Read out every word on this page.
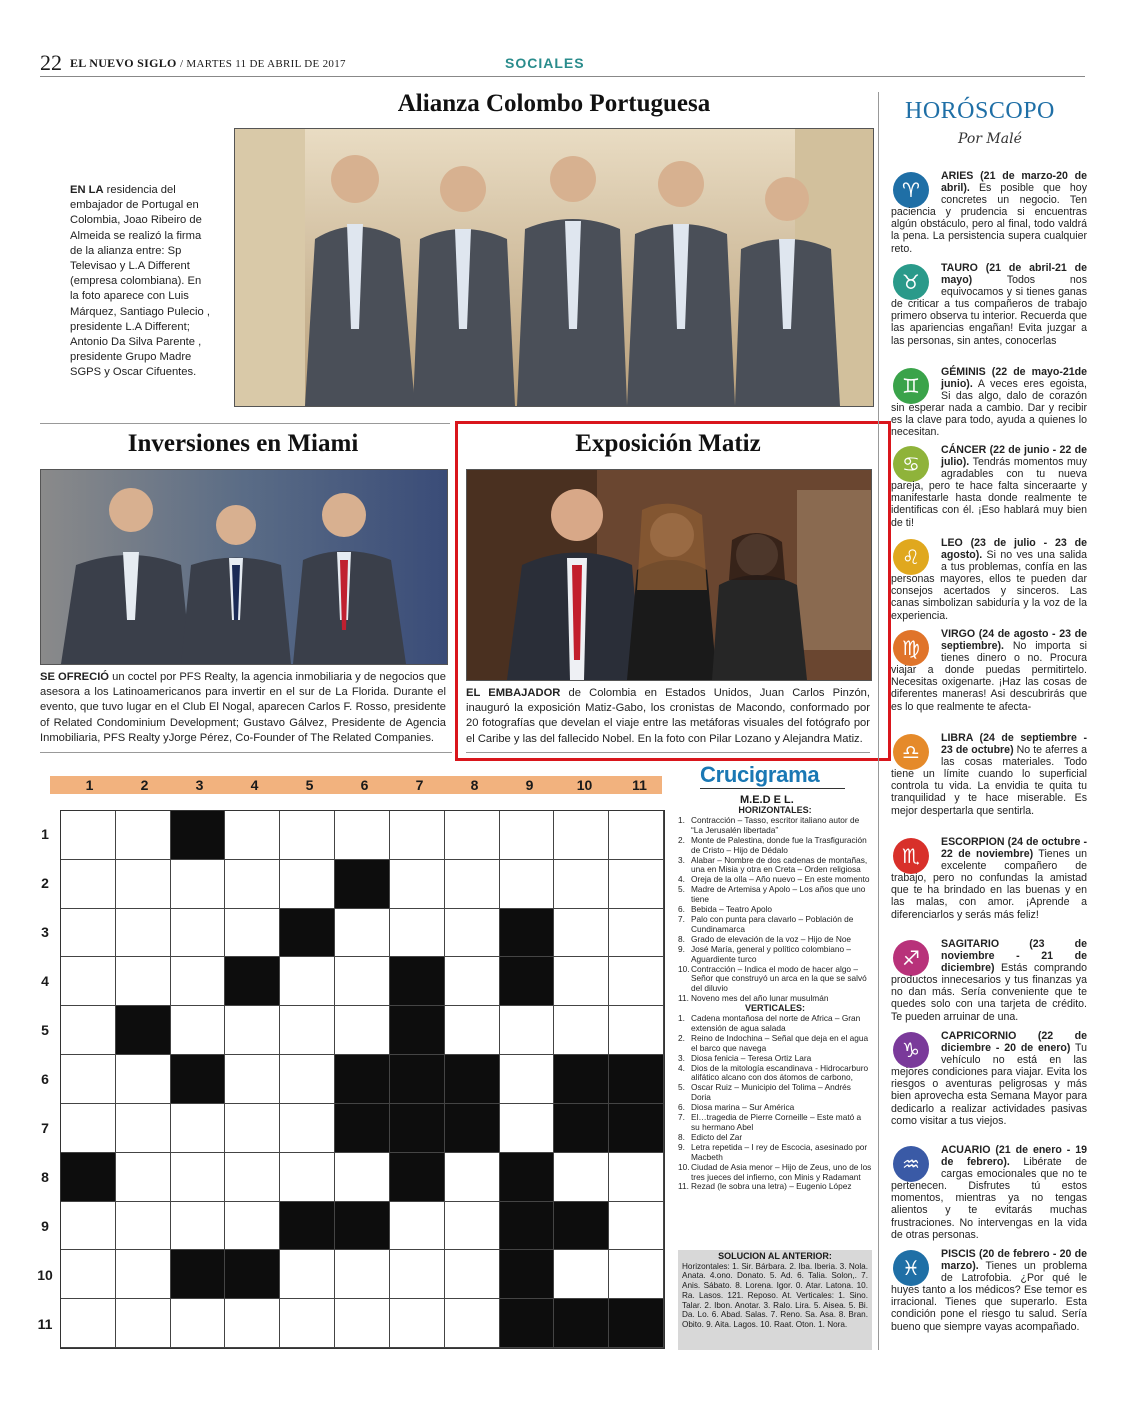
22 EL NUEVO SIGLO / MARTES 11 DE ABRIL DE 2017	SOCIALES
Alianza Colombo Portuguesa
EN LA residencia del embajador de Portugal en Colombia, Joao Ribeiro de Almeida se realizó la firma de la alianza entre: Sp Televisao y L.A Different (empresa colombiana). En la foto aparece con Luis Márquez, Santiago Pulecio , presidente L.A Different; Antonio Da Silva Parente , presidente Grupo Madre SGPS y Oscar Cifuentes.
Inversiones en Miami
SE OFRECIÓ un coctel por PFS Realty, la agencia inmobiliaria y de negocios que asesora a los Latinoamericanos para invertir en el sur de La Florida. Durante el evento, que tuvo lugar en el Club El Nogal, aparecen Carlos F. Rosso, presidente of Related Condominium Development; Gustavo Gálvez, Presidente de Agencia Inmobiliaria, PFS Realty yJorge Pérez, Co-Founder of The Related Companies.
Exposición Matiz
EL EMBAJADOR de Colombia en Estados Unidos, Juan Carlos Pinzón, inauguró la exposición Matiz-Gabo, los cronistas de Macondo, conformado por 20 fotografías que develan el viaje entre las metáforas visuales del fotógrafo por el Caribe y las del fallecido Nobel. En la foto con Pilar Lozano y Alejandra Matiz.
1	2	3	4	5	6	7	8	9	10	11	Crucigrama
M.E.D E L.
HORIZONTALES:
1. Contracción – Tasso, escritor italiano autor de “La Jerusalén libertada”
2. Monte de Palestina, donde fue la Trasfiguración de Cristo – Hijo de Dédalo
3. Alabar – Nombre de dos cadenas de montañas, una en Misia y otra en Creta – Orden religiosa
4. Oreja de la olla – Año nuevo – En este momento
5. Madre de Artemisa y Apolo – Los años que uno tiene
6. Bebida – Teatro Apolo
7. Palo con punta para clavarlo – Población de Cundinamarca
8. Grado de elevación de la voz – Hijo de Noe
9. José María, general y político colombiano – Aguardiente turco
10. Contracción – Indica el modo de hacer algo – Señor que construyó un arca en la que se salvó del diluvio
11. Noveno mes del año lunar musulmán
VERTICALES:
1. Cadena montañosa del norte de Africa – Gran extensión de agua salada
2. Reino de Indochina – Señal que deja en el agua el barco que navega
3. Diosa fenicia – Teresa Ortiz Lara
4. Dios de la mitología escandinava - Hidrocarburo alifático alcano con dos átomos de carbono,
5. Oscar Ruiz – Municipio del Tolima – Andrés Doria
6. Diosa marina – Sur América
7. El…tragedia de Pierre Corneille – Este mató a su hermano Abel
8. Edicto del Zar
9. Letra repetida – I rey de Escocia, asesinado por Macbeth
10. Ciudad de Asia menor – Hijo de Zeus, uno de los tres jueces del infierno, con Minis y Radamant
11. Rezad (le sobra una letra) – Eugenio López
SOLUCION AL ANTERIOR:
Horizontales: 1. Sir. Bárbara. 2. Iba. Iberia. 3. Nola. Anata. 4.ono. Donato. 5. Ad. 6. Talia. Solon,. 7. Anis. Sábato. 8. Lorena. Igor. 0. Atar. Latona. 10. Ra. Lasos. 121. Reposo. At. Verticales: 1. Sino. Talar. 2. Ibon. Anotar. 3. Ralo. Lira. 5. Aisea. 5. Bi. Da. Lo. 6. Abad. Salas. 7. Reno. Sa. Asa. 8. Bran. Obito. 9. Aita. Lagos. 10. Raat. Oton. 1. Nora.
HORÓSCOPO
Por Malé
♈
ARIES (21 de marzo-20 de abril). Es posible que hoy concretes un negocio. Ten paciencia y prudencia si encuentras algún obstáculo, pero al final, todo valdrá la pena. La persistencia supera cualquier reto.
♉
TAURO (21 de abril-21 de mayo) Todos nos equivocamos y si tienes ganas de criticar a tus compañeros de trabajo primero observa tu interior. Recuerda que las apariencias engañan! Evita juzgar a las personas, sin antes, conocerlas
♊
GÉMINIS (22 de mayo-21de junio). A veces eres egoista, Si das algo, dalo de corazón sin esperar nada a cambio. Dar y recibir es la clave para todo, ayuda a quienes lo necesitan.
♋
CÁNCER (22 de junio - 22 de julio). Tendrás momentos muy agradables con tu nueva pareja, pero te hace falta sinceraarte y manifestarle hasta donde realmente te identificas con él. ¡Eso hablará muy bien de ti!
♌
LEO (23 de julio - 23 de agosto). Si no ves una salida a tus problemas, confía en las personas mayores, ellos te pueden dar consejos acertados y sinceros. Las canas simbolizan sabiduría y la voz de la experiencia.
♍
VIRGO (24 de agosto - 23 de septiembre). No importa si tienes dinero o no. Procura viajar a donde puedas permitirtelo. Necesitas oxigenarte. ¡Haz las cosas de diferentes maneras! Asi descubrirás que es lo que realmente te afecta-
♎
LIBRA (24 de septiembre - 23 de octubre) No te aferres a las cosas materiales. Todo tiene un límite cuando lo superficial controla tu vida. La envidia te quita tu tranquilidad y te hace miserable. Es mejor despertarla que sentirla.
♏
ESCORPION (24 de octubre - 22 de noviembre) Tienes un excelente compañero de trabajo, pero no confundas la amistad que te ha brindado en las buenas y en las malas, con amor. ¡Aprende a diferenciarlos y serás más feliz!
♐
SAGITARIO (23 de noviembre - 21 de diciembre) Estás comprando productos innecesarios y tus finanzas ya no dan más. Sería conveniente que te quedes solo con una tarjeta de crédito. Te pueden arruinar de una.
♑
CAPRICORNIO (22 de diciembre - 20 de enero) Tu vehículo no está en las mejores condiciones para viajar. Evita los riesgos o aventuras peligrosas y más bien aprovecha esta Semana Mayor para dedicarlo a realizar actividades pasivas como visitar a tus viejos.
♒
ACUARIO (21 de enero - 19 de febrero). Libérate de cargas emocionales que no te pertenecen. Disfrutes tú estos momentos, mientras ya no tengas alientos y te evitarás muchas frustraciones. No intervengas en la vida de otras personas.
♓
PISCIS (20 de febrero - 20 de marzo). Tienes un problema de Latrofobia. ¿Por qué le huyes tanto a los médicos? Ese temor es irracional. Tienes que superarlo. Esta condición pone el riesgo tu salud. Sería bueno que siempre vayas acompañado.
1
2
3
4
5
6
7
8
9
10
11
